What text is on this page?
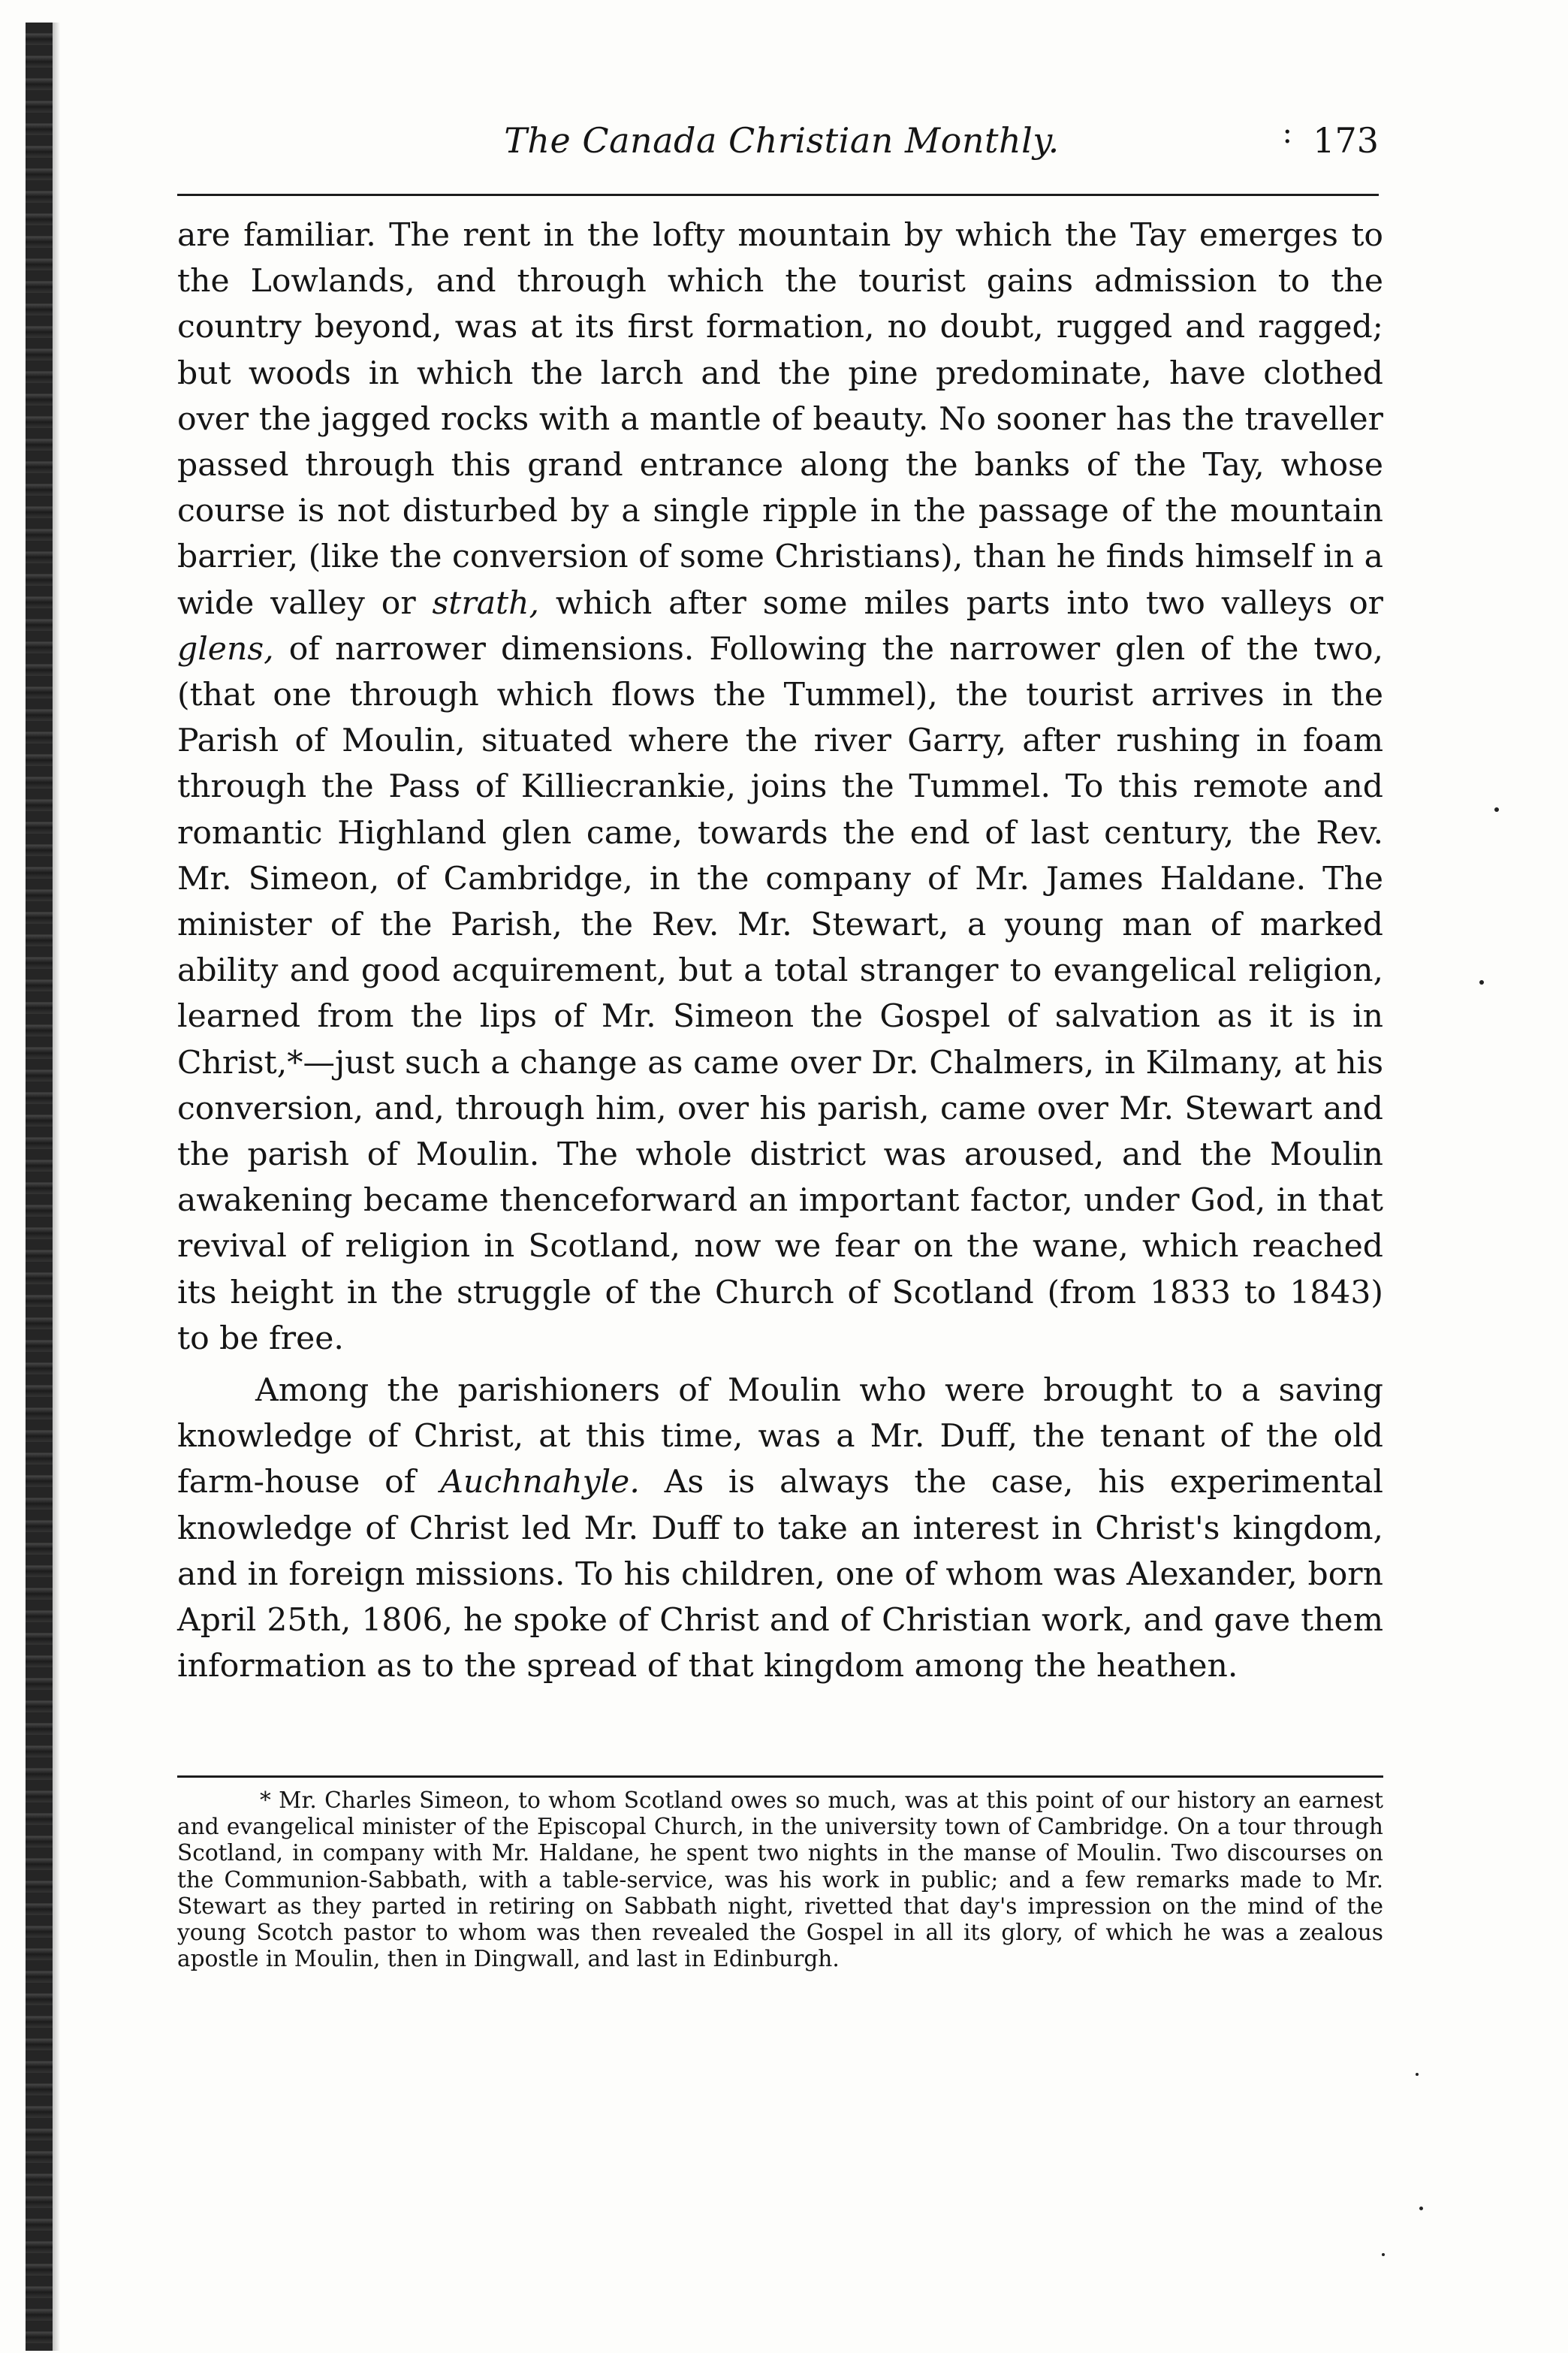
The Canada Christian Monthly.	: 173

are familiar. The rent in the lofty mountain by which the Tay emerges to the Lowlands, and through which the tourist gains admission to the country beyond, was at its first formation, no doubt, rugged and ragged; but woods in which the larch and the pine predominate, have clothed over the jagged rocks with a mantle of beauty. No sooner has the traveller passed through this grand entrance along the banks of the Tay, whose course is not disturbed by a single ripple in the passage of the mountain barrier, (like the conversion of some Christians), than he finds himself in a wide valley or strath, which after some miles parts into two valleys or glens, of narrower dimensions. Following the narrower glen of the two, (that one through which flows the Tummel), the tourist arrives in the Parish of Moulin, situated where the river Garry, after rushing in foam through the Pass of Killiecrankie, joins the Tummel. To this remote and romantic Highland glen came, towards the end of last century, the Rev. Mr. Simeon, of Cambridge, in the company of Mr. James Haldane. The minister of the Parish, the Rev. Mr. Stewart, a young man of marked ability and good acquirement, but a total stranger to evangelical religion, learned from the lips of Mr. Simeon the Gospel of salvation as it is in Christ,*—just such a change as came over Dr. Chalmers, in Kilmany, at his conversion, and, through him, over his parish, came over Mr. Stewart and the parish of Moulin. The whole district was aroused, and the Moulin awakening became thenceforward an important factor, under God, in that revival of religion in Scotland, now we fear on the wane, which reached its height in the struggle of the Church of Scotland (from 1833 to 1843) to be free.

Among the parishioners of Moulin who were brought to a saving knowledge of Christ, at this time, was a Mr. Duff, the tenant of the old farm-house of Auchnahyle. As is always the case, his experimental knowledge of Christ led Mr. Duff to take an interest in Christ's kingdom, and in foreign missions. To his children, one of whom was Alexander, born April 25th, 1806, he spoke of Christ and of Christian work, and gave them information as to the spread of that kingdom among the heathen.

* Mr. Charles Simeon, to whom Scotland owes so much, was at this point of our history an earnest and evangelical minister of the Episcopal Church, in the university town of Cambridge. On a tour through Scotland, in company with Mr. Haldane, he spent two nights in the manse of Moulin. Two discourses on the Communion-Sabbath, with a table-service, was his work in public; and a few remarks made to Mr. Stewart as they parted in retiring on Sabbath night, rivetted that day's impression on the mind of the young Scotch pastor to whom was then revealed the Gospel in all its glory, of which he was a zealous apostle in Moulin, then in Dingwall, and last in Edinburgh.
